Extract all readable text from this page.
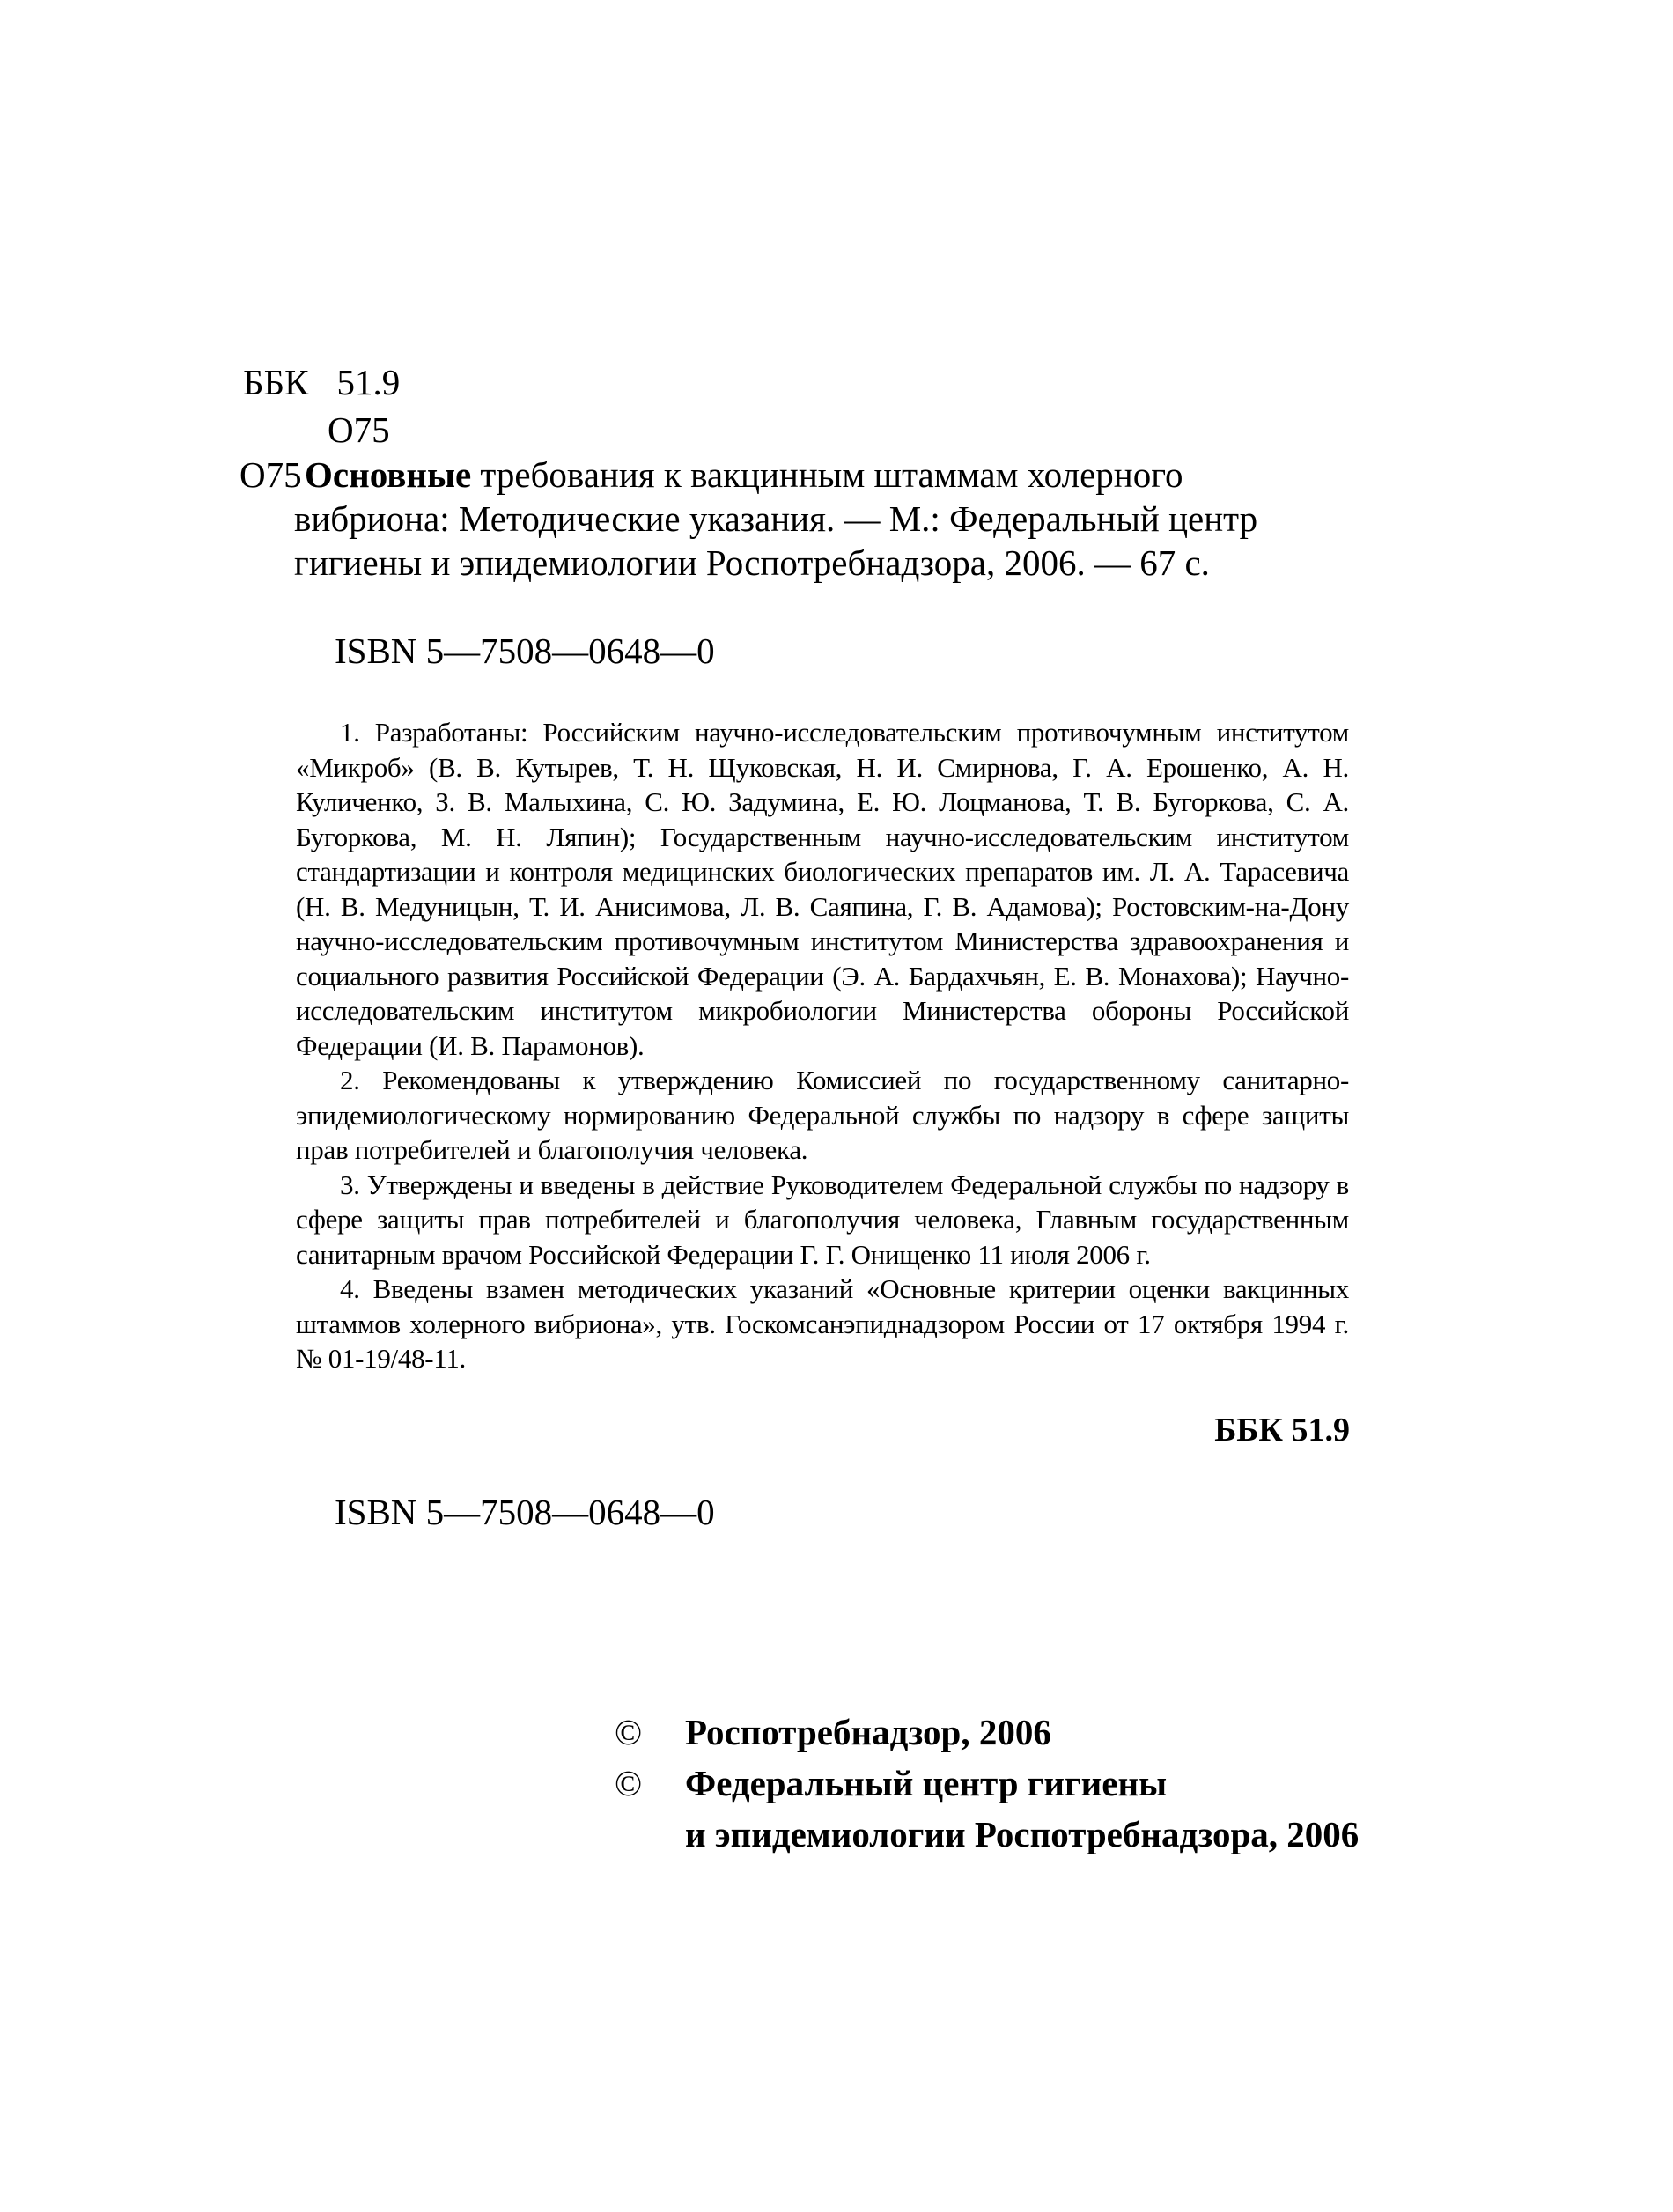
ББК 51.9
О75
О75Основные требования к вакцинным штаммам холерного
вибриона: Методические указания. — М.: Федеральный центр
гигиены и эпидемиологии Роспотребнадзора, 2006. — 67 с.
ISBN 5—7508—0648—0

1. Разработаны: Российским научно-исследовательским противочумным институтом «Микроб» (В. В. Кутырев, Т. Н. Щуковская, Н. И. Смирнова, Г. А. Ерошенко, А. Н. Куличенко, З. В. Малыхина, С. Ю. Задумина, Е. Ю. Лоцманова, Т. В. Бугоркова, С. А. Бугоркова, М. Н. Ляпин); Государственным научно-исследовательским институтом стандартизации и контроля медицинских биологических препаратов им. Л. А. Тарасевича (Н. В. Медуницын, Т. И. Анисимова, Л. В. Саяпина, Г. В. Адамова); Ростовским-на-Дону научно-исследовательским противочумным институтом Министерства здравоохранения и социального развития Российской Федерации (Э. А. Бардахчьян, Е. В. Монахова); Научно-исследовательским институтом микробиологии Министерства обороны Российской Федерации (И. В. Парамонов).

2. Рекомендованы к утверждению Комиссией по государственному санитарно-эпидемиологическому нормированию Федеральной службы по надзору в сфере защиты прав потребителей и благополучия человека.

3. Утверждены и введены в действие Руководителем Федеральной службы по надзору в сфере защиты прав потребителей и благополучия человека, Главным государственным санитарным врачом Российской Федерации Г. Г. Онищенко 11 июля 2006 г.

4. Введены взамен методических указаний «Основные критерии оценки вакцинных штаммов холерного вибриона», утв. Госкомсанэпиднадзором России от 17 октября 1994 г. № 01-19/48-11.

ББК 51.9
ISBN 5—7508—0648—0
©	Роспотребнадзор, 2006
©	Федеральный центр гигиены
и эпидемиологии Роспотребнадзора, 2006
